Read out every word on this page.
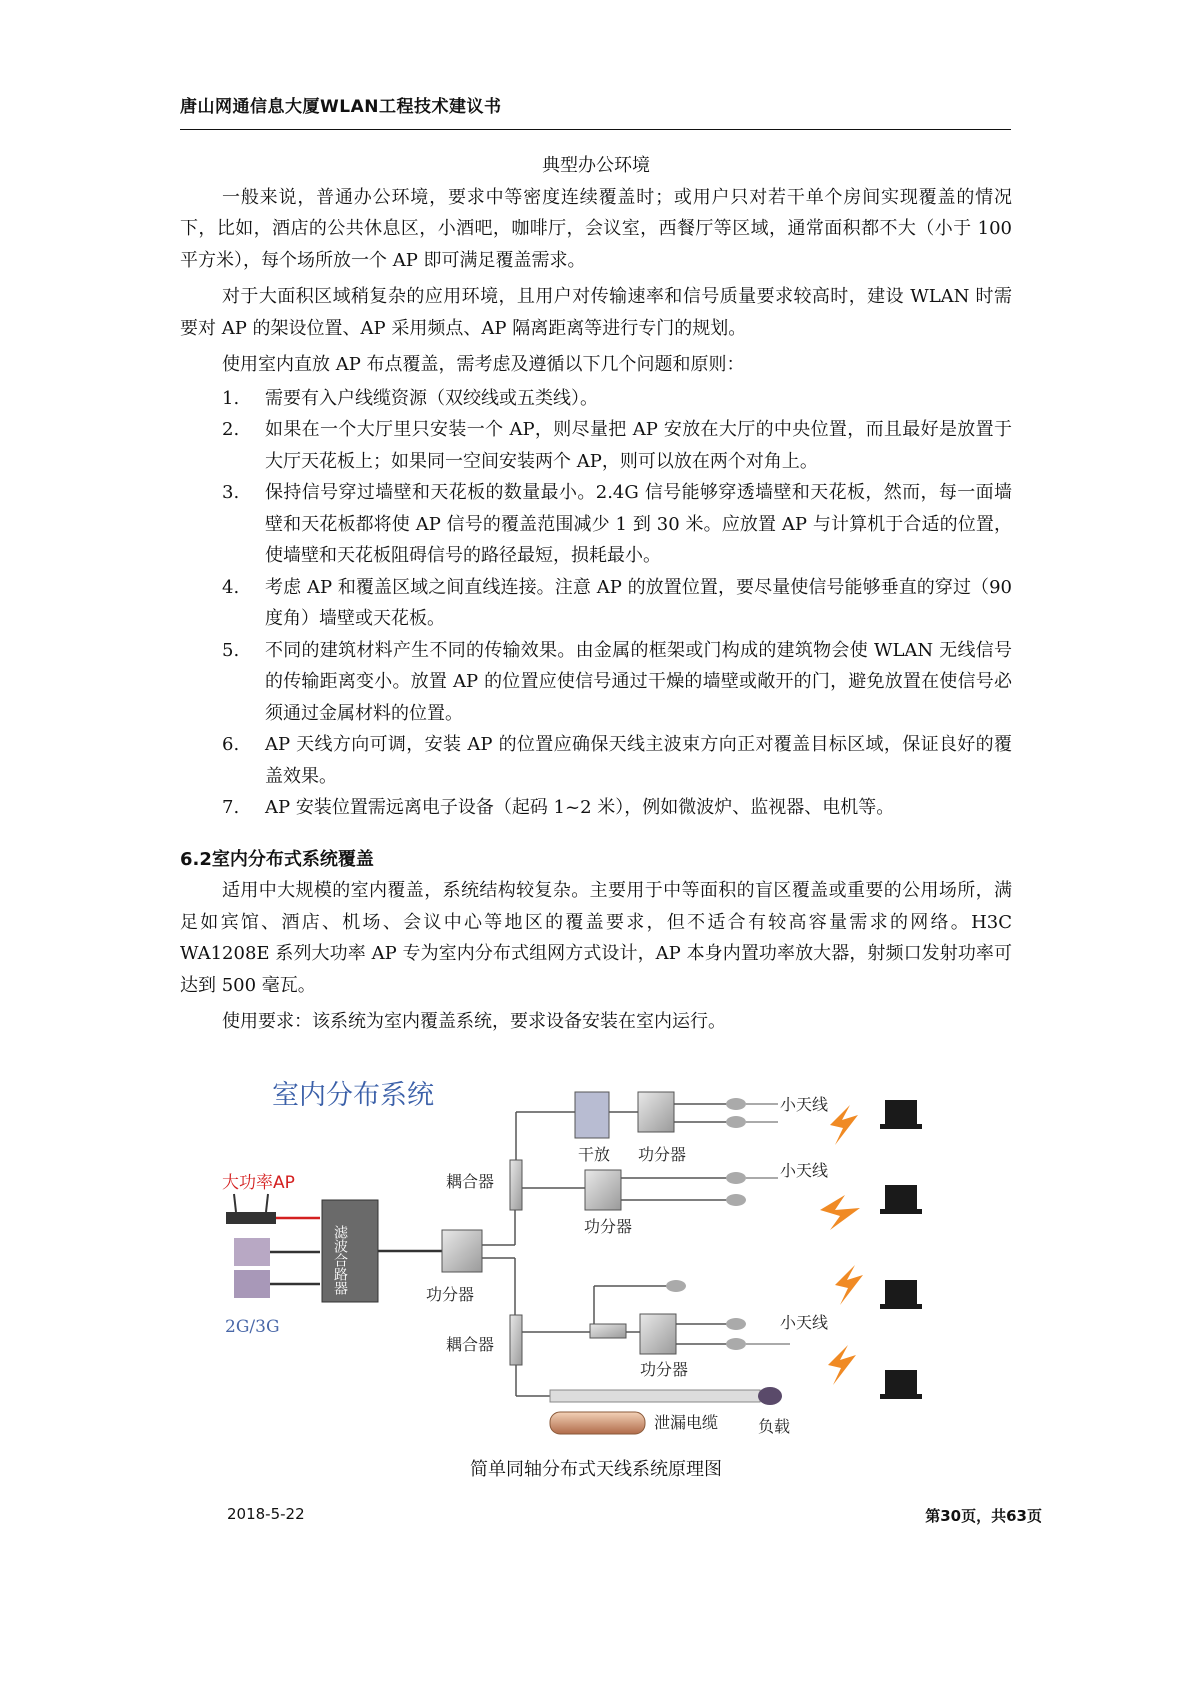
唐山网通信息大厦WLAN工程技术建议书
典型办公环境

一般来说，普通办公环境，要求中等密度连续覆盖时；或用户只对若干单个房间实现覆盖的情况下，比如，酒店的公共休息区，小酒吧，咖啡厅，会议室，西餐厅等区域，通常面积都不大（小于 100 平方米），每个场所放一个 AP 即可满足覆盖需求。

对于大面积区域稍复杂的应用环境，且用户对传输速率和信号质量要求较高时，建设 WLAN 时需要对 AP 的架设位置、AP 采用频点、AP 隔离距离等进行专门的规划。

使用室内直放 AP 布点覆盖，需考虑及遵循以下几个问题和原则：

1. 需要有入户线缆资源（双绞线或五类线）。
2. 如果在一个大厅里只安装一个 AP，则尽量把 AP 安放在大厅的中央位置，而且最好是放置于大厅天花板上；如果同一空间安装两个 AP，则可以放在两个对角上。
3. 保持信号穿过墙壁和天花板的数量最小。2.4G 信号能够穿透墙壁和天花板，然而，每一面墙壁和天花板都将使 AP 信号的覆盖范围减少 1 到 30 米。应放置 AP 与计算机于合适的位置，使墙壁和天花板阻碍信号的路径最短，损耗最小。
4. 考虑 AP 和覆盖区域之间直线连接。注意 AP 的放置位置，要尽量使信号能够垂直的穿过（90 度角）墙壁或天花板。
5. 不同的建筑材料产生不同的传输效果。由金属的框架或门构成的建筑物会使 WLAN 无线信号的传输距离变小。放置 AP 的位置应使信号通过干燥的墙壁或敞开的门，避免放置在使信号必须通过金属材料的位置。
6. AP 天线方向可调，安装 AP 的位置应确保天线主波束方向正对覆盖目标区域，保证良好的覆盖效果。
7. AP 安装位置需远离电子设备（起码 1~2 米），例如微波炉、监视器、电机等。
6.2室内分布式系统覆盖

适用中大规模的室内覆盖，系统结构较复杂。主要用于中等面积的盲区覆盖或重要的公用场所，满足如宾馆、酒店、机场、会议中心等地区的覆盖要求，但不适合有较高容量需求的网络。H3C WA1208E 系列大功率 AP 专为室内分布式组网方式设计，AP 本身内置功率放大器，射频口发射功率可达到 500 毫瓦。

使用要求：该系统为室内覆盖系统，要求设备安装在室内运行。

室内分布系统
大功率AP
2G/3G
滤波合路器	功分器
耦合器
干放 功分器
小天线
功分器
小天线
耦合器
功分器
小天线
泄漏电缆 负载
简单同轴分布式天线系统原理图
2018-5-22	第30页，共63页
